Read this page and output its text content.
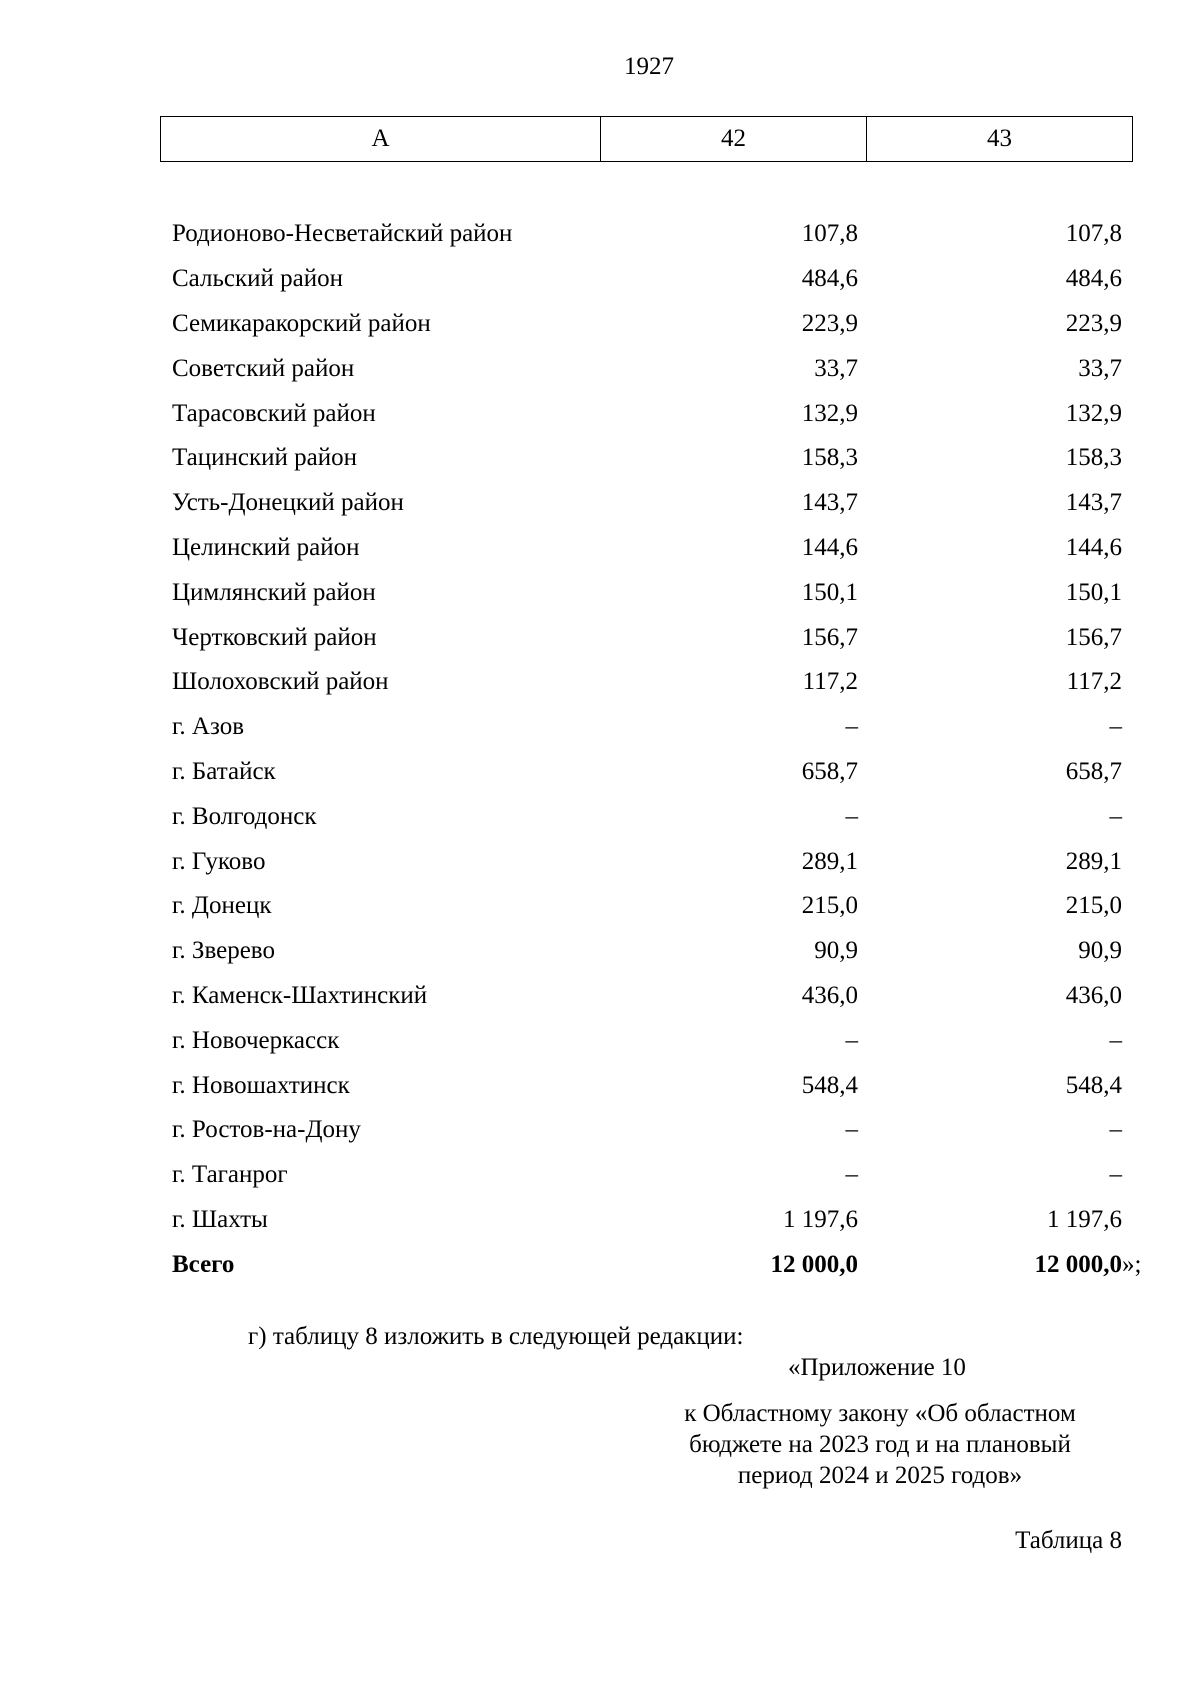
1927
А	42	43
Родионово-Несветайский район	107,8	107,8
Сальский район	484,6	484,6
Семикаракорский район	223,9	223,9
Советский район	33,7	33,7
Тарасовский район	132,9	132,9
Тацинский район	158,3	158,3
Усть-Донецкий район	143,7	143,7
Целинский район	144,6	144,6
Цимлянский район	150,1	150,1
Чертковский район	156,7	156,7
Шолоховский район	117,2	117,2
г. Азов	–	–
г. Батайск	658,7	658,7
г. Волгодонск	–	–
г. Гуково	289,1	289,1
г. Донецк	215,0	215,0
г. Зверево	90,9	90,9
г. Каменск-Шахтинский	436,0	436,0
г. Новочеркасск	–	–
г. Новошахтинск	548,4	548,4
г. Ростов-на-Дону	–	–
г. Таганрог	–	–
г. Шахты	1 197,6	1 197,6
Всего	12 000,0	12 000,0 »;
г) таблицу 8 изложить в следующей редакции:
«Приложение 10
к Областному закону «Об областном
бюджете на 2023 год и на плановый
период 2024 и 2025 годов»
Таблица 8
